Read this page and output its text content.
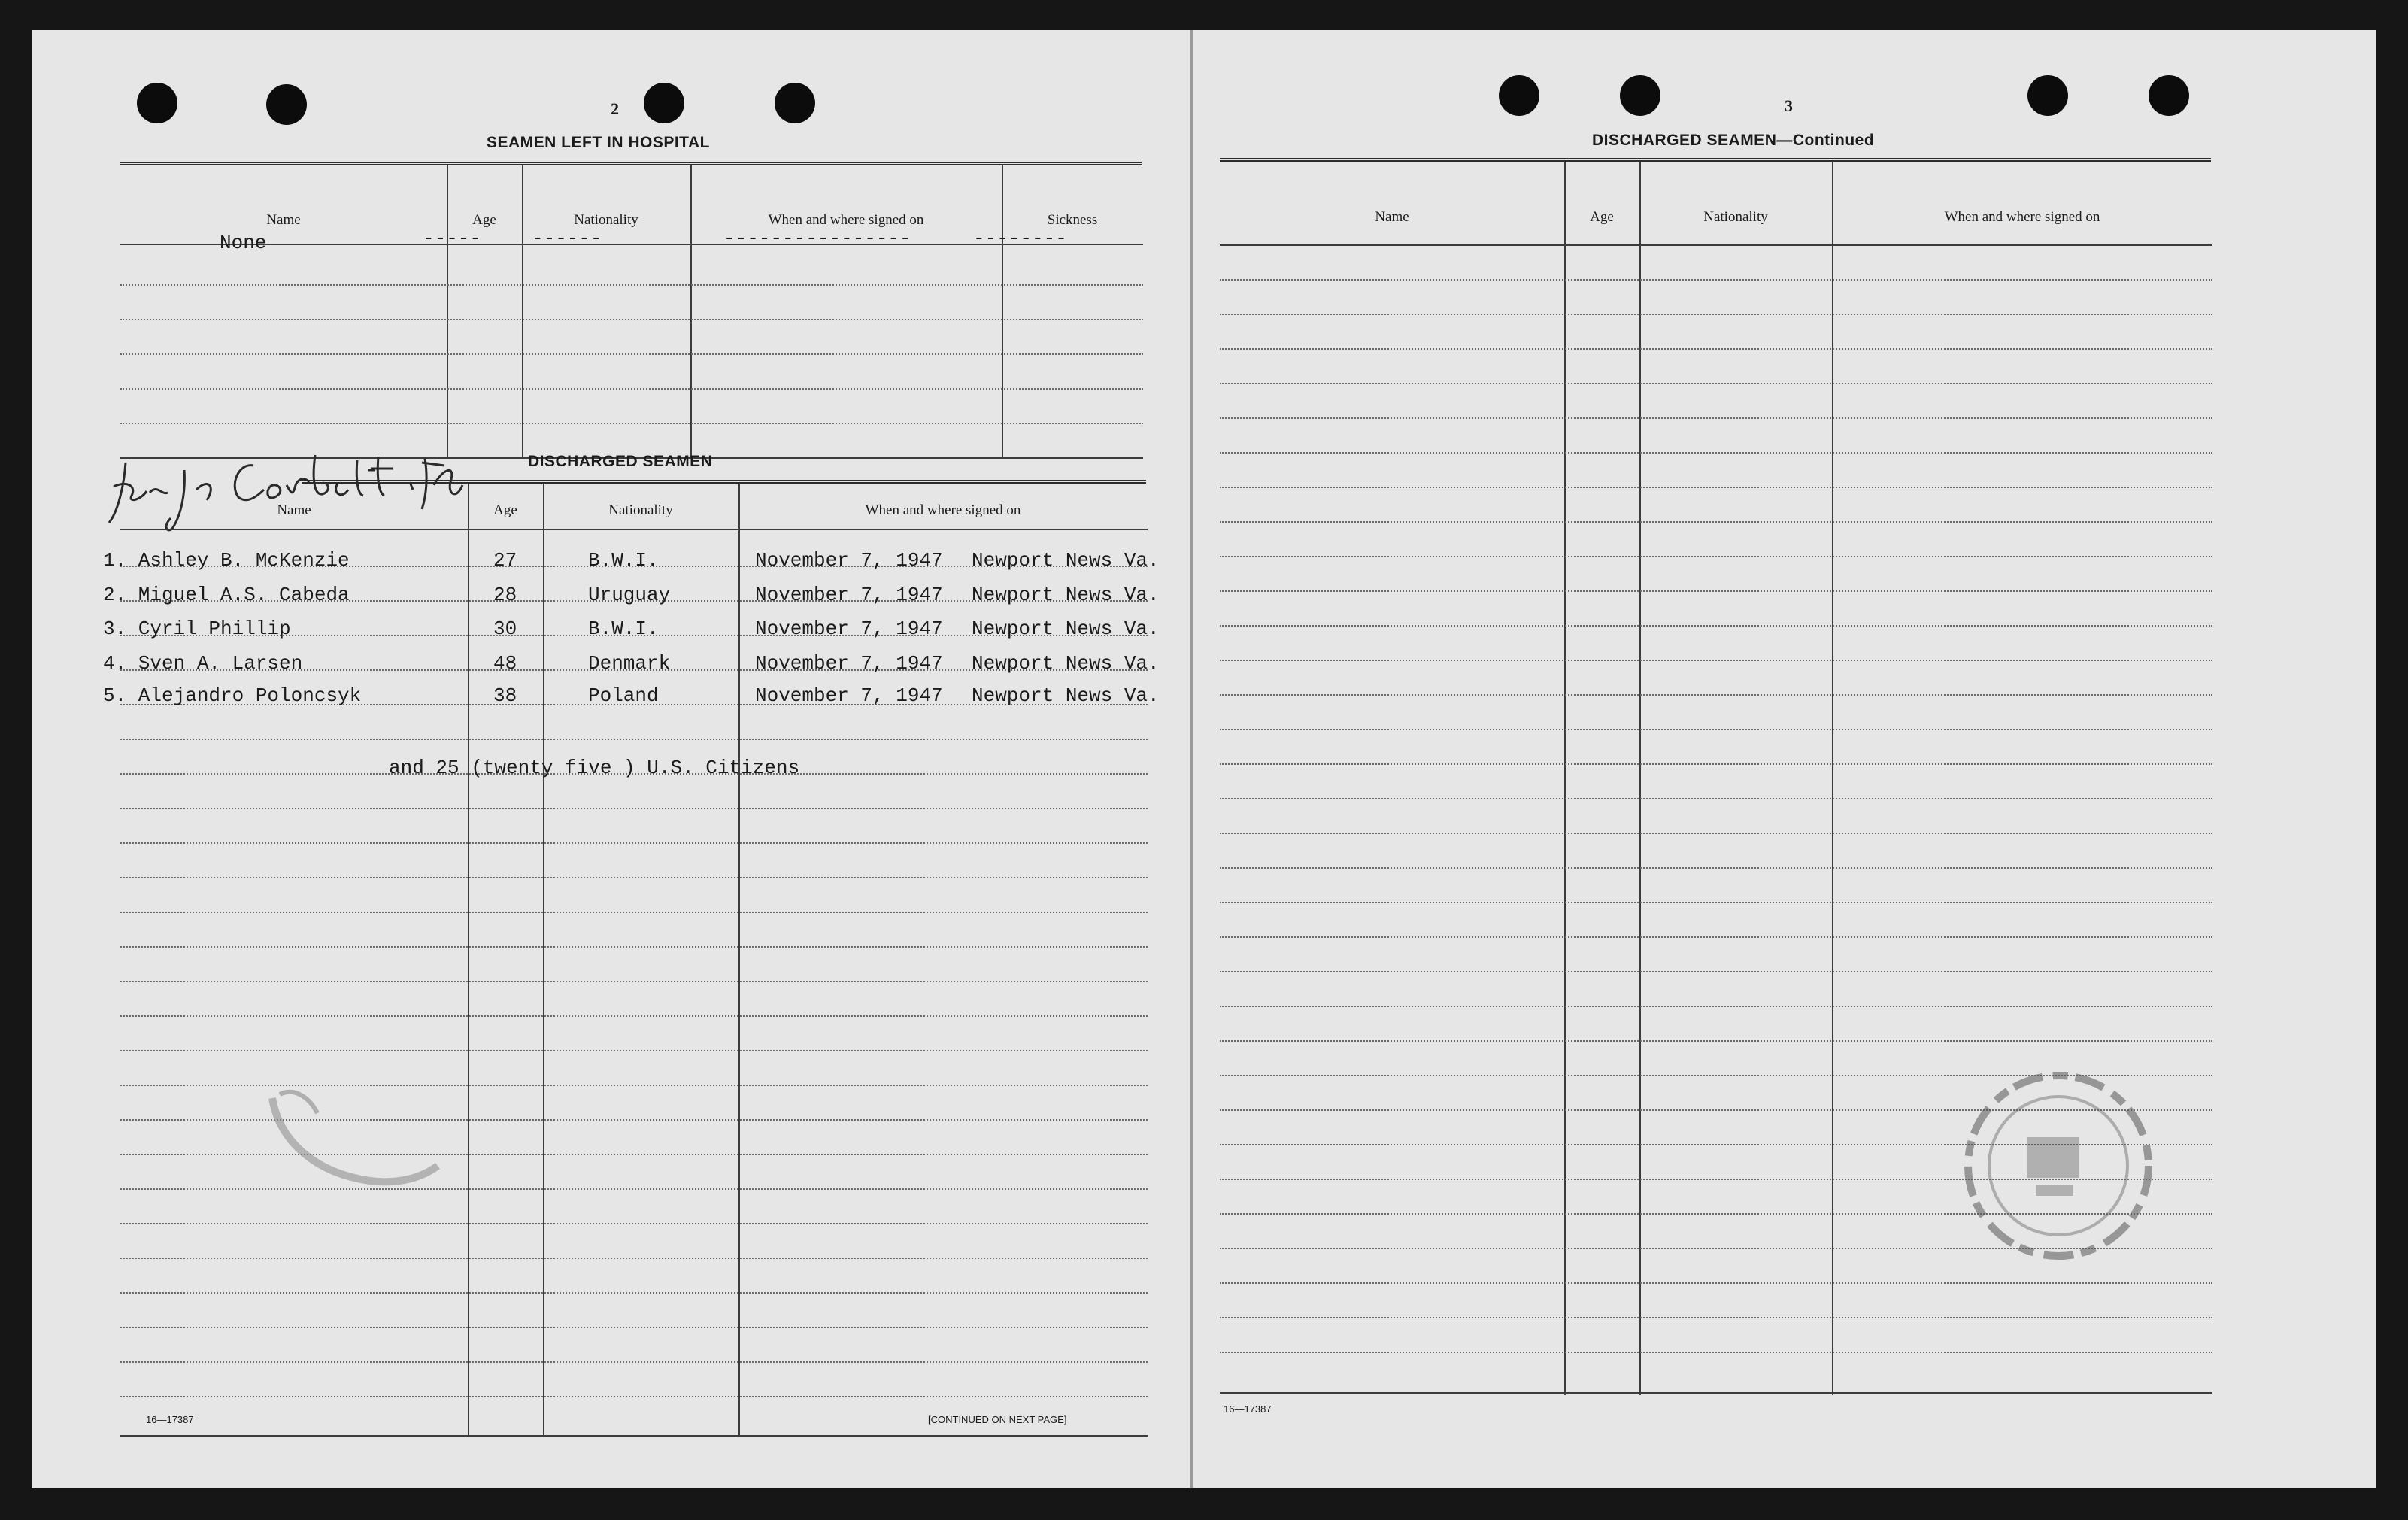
2
SEAMEN LEFT IN HOSPITAL
Name	Age	Nationality	When and where signed on	Sickness
None	-----	------	----------------	--------
DISCHARGED SEAMEN
Name	Age	Nationality	When and where signed on
1. Ashley B. McKenzie	27	B.W.I.	November 7, 1947 Newport News Va.
2. Miguel A.S. Cabeda	28	Uruguay	November 7, 1947 Newport News Va.
3. Cyril Phillip	30	B.W.I.	November 7, 1947 Newport News Va.
4. Sven A. Larsen	48	Denmark	November 7, 1947 Newport News Va.
5. Alejandro Poloncsyk	38	Poland	November 7, 1947 Newport News Va.
and 25 (twenty five ) U.S. Citizens
16—17387	[CONTINUED ON NEXT PAGE]
3
DISCHARGED SEAMEN—Continued
Name	Age	Nationality	When and where signed on
16—17387
